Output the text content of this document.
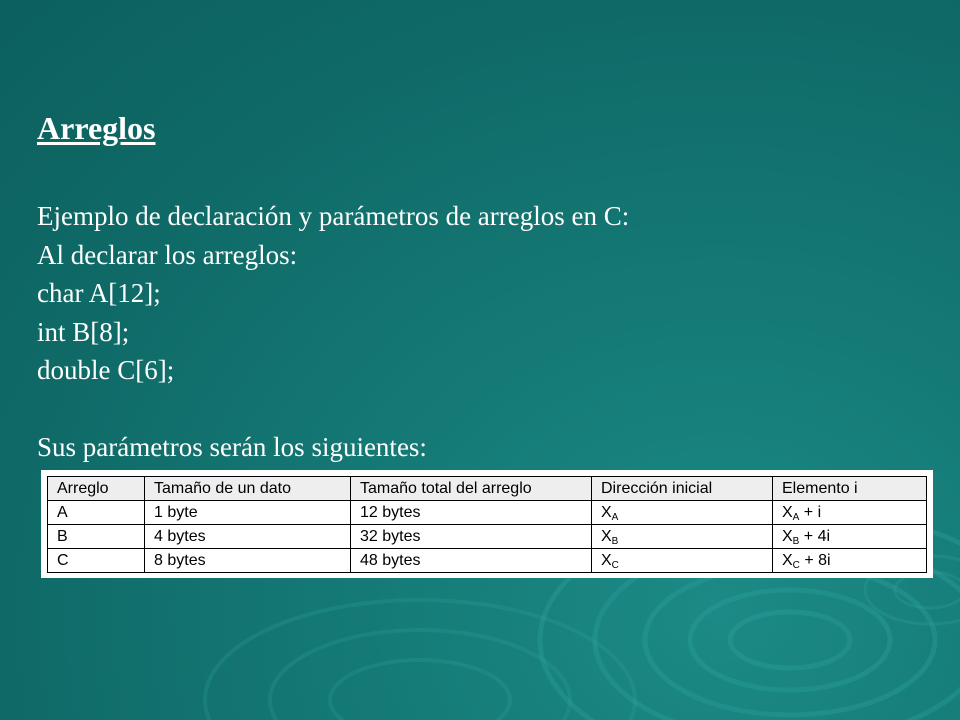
Arreglos
Ejemplo de declaración y parámetros de arreglos en C:
Al declarar los arreglos:
char A[12];
int B[8];
double C[6];
Sus parámetros serán los siguientes:
Arreglo	Tamaño de un dato	Tamaño total del arreglo	Dirección inicial	Elemento i
A	1 byte	12 bytes	$X_A$	$X_A + i$
B	4 bytes	32 bytes	$X_B$	$X_B + 4i$
C	8 bytes	48 bytes	$X_C$	$X_C + 8i$
